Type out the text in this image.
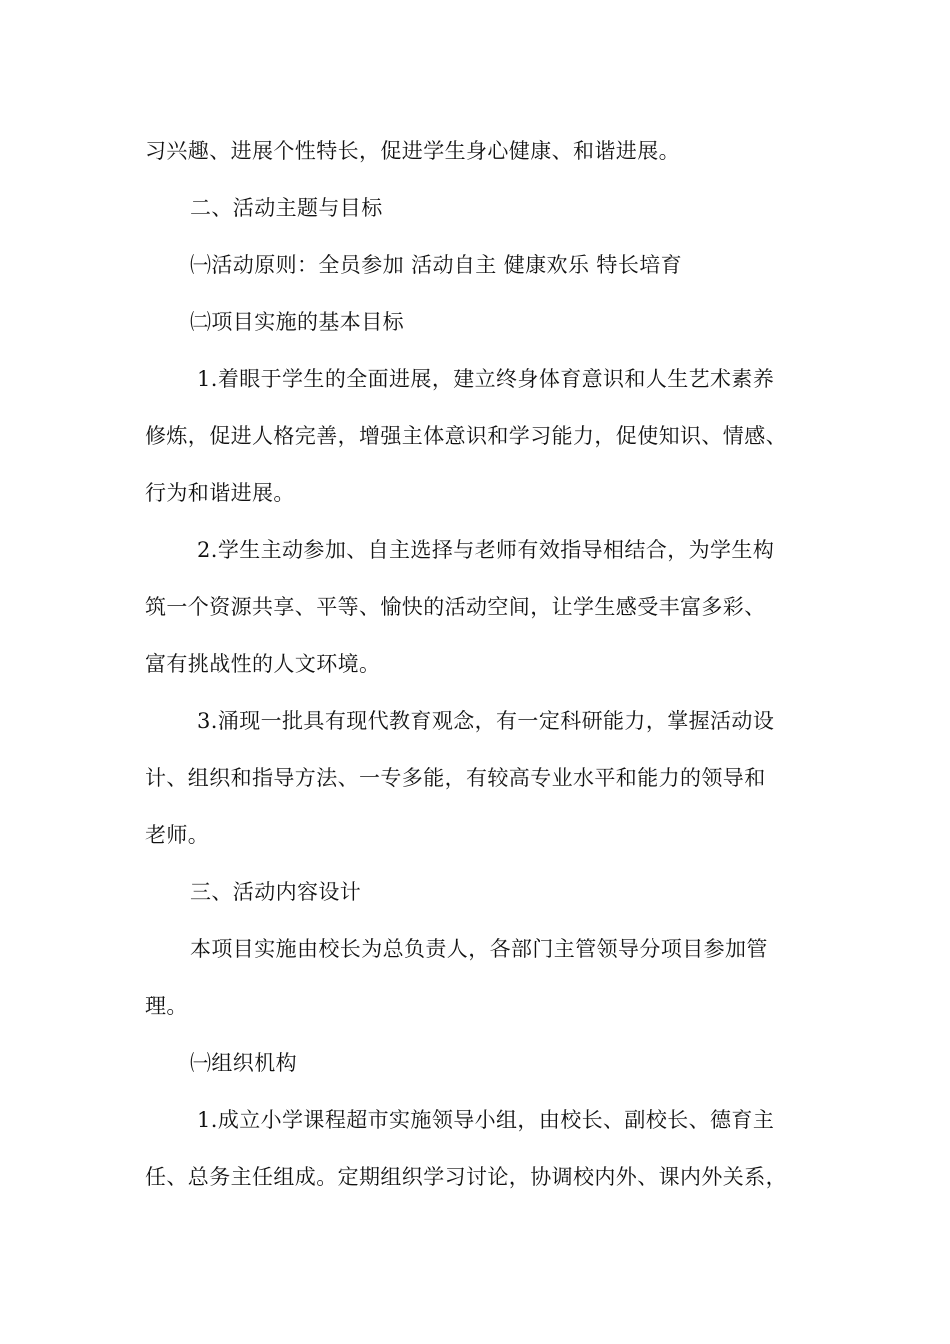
习兴趣、进展个性特长，促进学生身心健康、和谐进展。
二、活动主题与目标
㈠活动原则：全员参加 活动自主 健康欢乐 特长培育
㈡项目实施的基本目标
1.着眼于学生的全面进展，建立终身体育意识和人生艺术素养
修炼，促进人格完善，增强主体意识和学习能力，促使知识、情感、
行为和谐进展。
2.学生主动参加、自主选择与老师有效指导相结合，为学生构
筑一个资源共享、平等、愉快的活动空间，让学生感受丰富多彩、
富有挑战性的人文环境。
3.涌现一批具有现代教育观念，有一定科研能力，掌握活动设
计、组织和指导方法、一专多能，有较高专业水平和能力的领导和
老师。
三、活动内容设计
本项目实施由校长为总负责人，各部门主管领导分项目参加管
理。
㈠组织机构
1.成立小学课程超市实施领导小组，由校长、副校长、德育主
任、总务主任组成。定期组织学习讨论，协调校内外、课内外关系，
